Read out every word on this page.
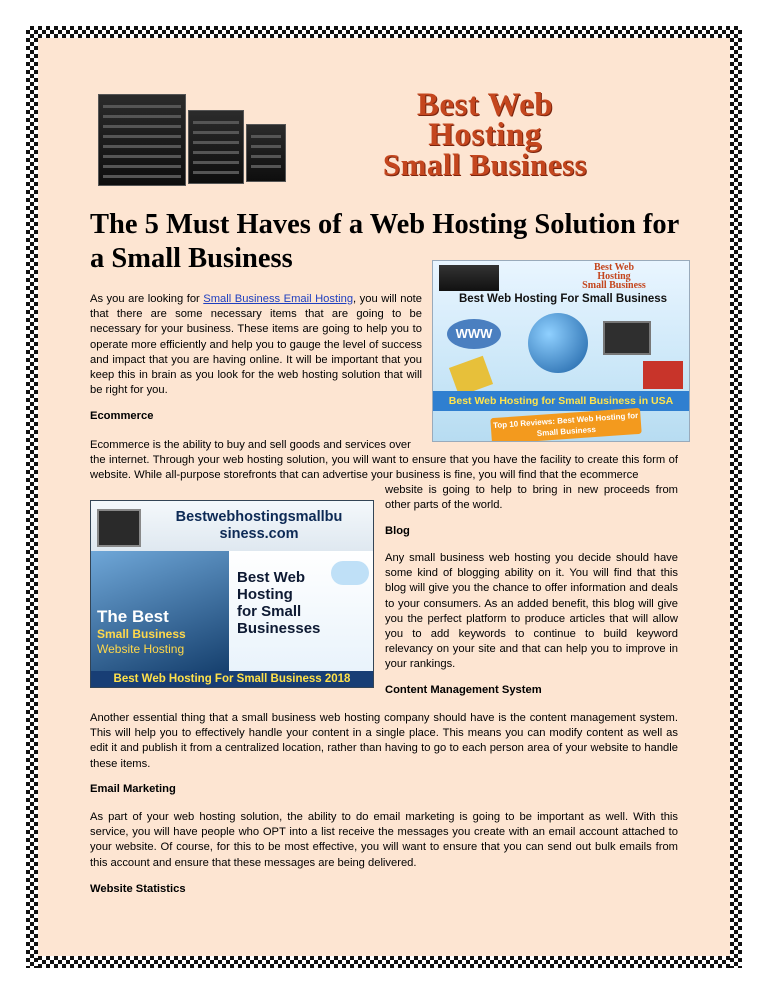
Best Web
Hosting
Small Business
The 5 Must Haves of a Web Hosting Solution for a Small Business	Best Web
Hosting
Small Business
Best Web Hosting For Small Business
WWW
Best Web Hosting for Small Business in USA
Top 10 Reviews: Best Web Hosting for Small Business

As you are looking for Small Business Email Hosting, you will note that there are some necessary items that are going to be necessary for your business. These items are going to help you to operate more efficiently and help you to gauge the level of success and impact that you are having online. It will be important that you keep this in brain as you look for the web hosting solution that will be right for you.

Ecommerce

Ecommerce is the ability to buy and sell goods and services over

the internet. Through your web hosting solution, you will want to ensure that you have the facility to create this form of website. While all-purpose storefronts that can advertise your business is fine, you will find that the ecommerce

website is going to help to bring in new proceeds from other parts of the world.

Bestwebhostingsmallbu siness.com
The Best
Small Business
Website Hosting
Best Web
Hosting
for Small
Businesses
Best Web Hosting For Small Business 2018

Blog

Any small business web hosting you decide should have some kind of blogging ability on it. You will find that this blog will give you the chance to offer information and deals to your consumers. As an added benefit, this blog will give you the perfect platform to produce articles that will allow you to add keywords to continue to build keyword relevancy on your site and that can help you to improve in your rankings.

Content Management System

Another essential thing that a small business web hosting company should have is the content management system. This will help you to effectively handle your content in a single place. This means you can modify content as well as edit it and publish it from a centralized location, rather than having to go to each person area of your website to handle these items.

Email Marketing

As part of your web hosting solution, the ability to do email marketing is going to be important as well. With this service, you will have people who OPT into a list receive the messages you create with an email account attached to your website. Of course, for this to be most effective, you will want to ensure that you can send out bulk emails from this account and ensure that these messages are being delivered.

Website Statistics
